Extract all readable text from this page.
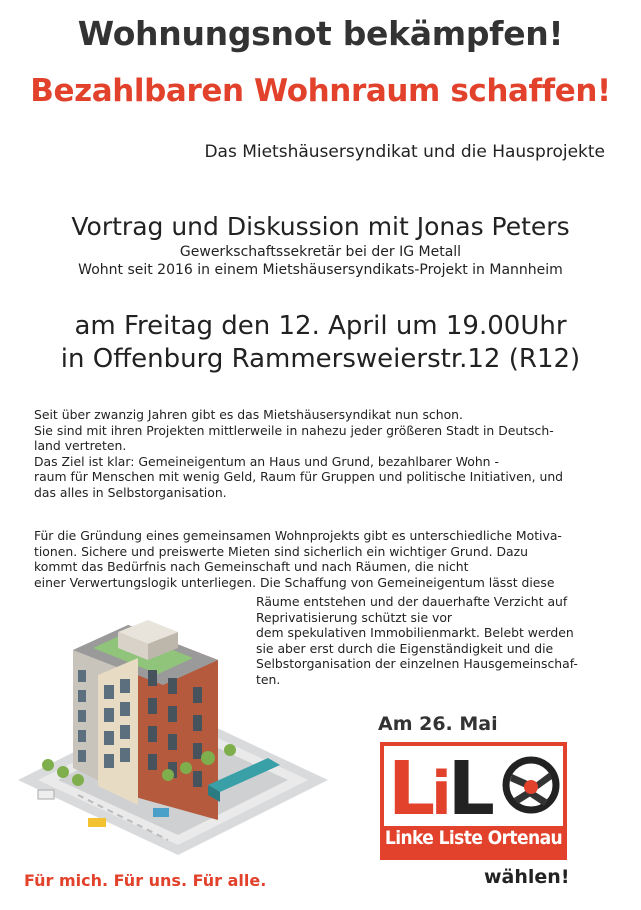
Wohnungsnot bekämpfen!
Bezahlbaren Wohnraum schaffen!
Das Mietshäusersyndikat und die Hausprojekte
Vortrag und Diskussion mit Jonas Peters
Gewerkschaftssekretär bei der IG Metall
Wohnt seit 2016 in einem Mietshäusersyndikats-Projekt in Mannheim
am Freitag den 12. April um 19.00Uhr
in Offenburg Rammersweierstr.12 (R12)
Seit über zwanzig Jahren gibt es das Mietshäusersyndikat nun schon.
Sie sind mit ihren Projekten mittlerweile in nahezu jeder größeren Stadt in Deutsch-
land vertreten.
Das Ziel ist klar: Gemeineigentum an Haus und Grund, bezahlbarer Wohn -
raum für Menschen mit wenig Geld, Raum für Gruppen und politische Initiativen, und
das alles in Selbstorganisation.
Für die Gründung eines gemeinsamen Wohnprojekts gibt es unterschiedliche Motiva-
tionen. Sichere und preiswerte Mieten sind sicherlich ein wichtiger Grund. Dazu
kommt das Bedürfnis nach Gemeinschaft und nach Räumen, die nicht
einer Verwertungslogik unterliegen. Die Schaffung von Gemeineigentum lässt diese
Räume entstehen und der dauerhafte Verzicht auf
Reprivatisierung schützt sie vor
dem spekulativen Immobilienmarkt. Belebt werden
sie aber erst durch die Eigenständigkeit und die
Selbstorganisation der einzelnen Hausgemeinschaf-
ten.
Am 26. Mai
LiL
Linke Liste Ortenau
wählen!
Für mich. Für uns. Für alle.
